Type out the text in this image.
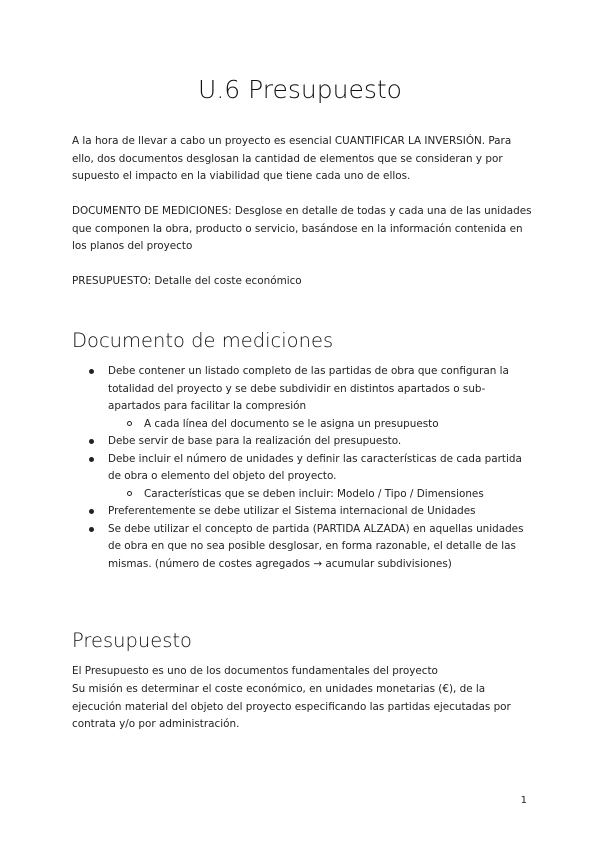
U.6 Presupuesto

A la hora de llevar a cabo un proyecto es esencial CUANTIFICAR LA INVERSIÓN. Para ello, dos documentos desglosan la cantidad de elementos que se consideran y por supuesto el impacto en la viabilidad que tiene cada uno de ellos.

DOCUMENTO DE MEDICIONES: Desglose en detalle de todas y cada una de las unidades que componen la obra, producto o servicio, basándose en la información contenida en los planos del proyecto

PRESUPUESTO: Detalle del coste económico

Documento de mediciones
Debe contener un listado completo de las partidas de obra que configuran la totalidad del proyecto y se debe subdividir en distintos apartados o sub-apartados para facilitar la compresión
A cada línea del documento se le asigna un presupuesto
Debe servir de base para la realización del presupuesto.
Debe incluir el número de unidades y definir las características de cada partida de obra o elemento del objeto del proyecto.
Características que se deben incluir: Modelo / Tipo / Dimensiones
Preferentemente se debe utilizar el Sistema internacional de Unidades
Se debe utilizar el concepto de partida (PARTIDA ALZADA) en aquellas unidades de obra en que no sea posible desglosar, en forma razonable, el detalle de las mismas. (número de costes agregados → acumular subdivisiones)
Presupuesto

El Presupuesto es uno de los documentos fundamentales del proyecto

Su misión es determinar el coste económico, en unidades monetarias (€), de la ejecución material del objeto del proyecto especificando las partidas ejecutadas por contrata y/o por administración.

1
